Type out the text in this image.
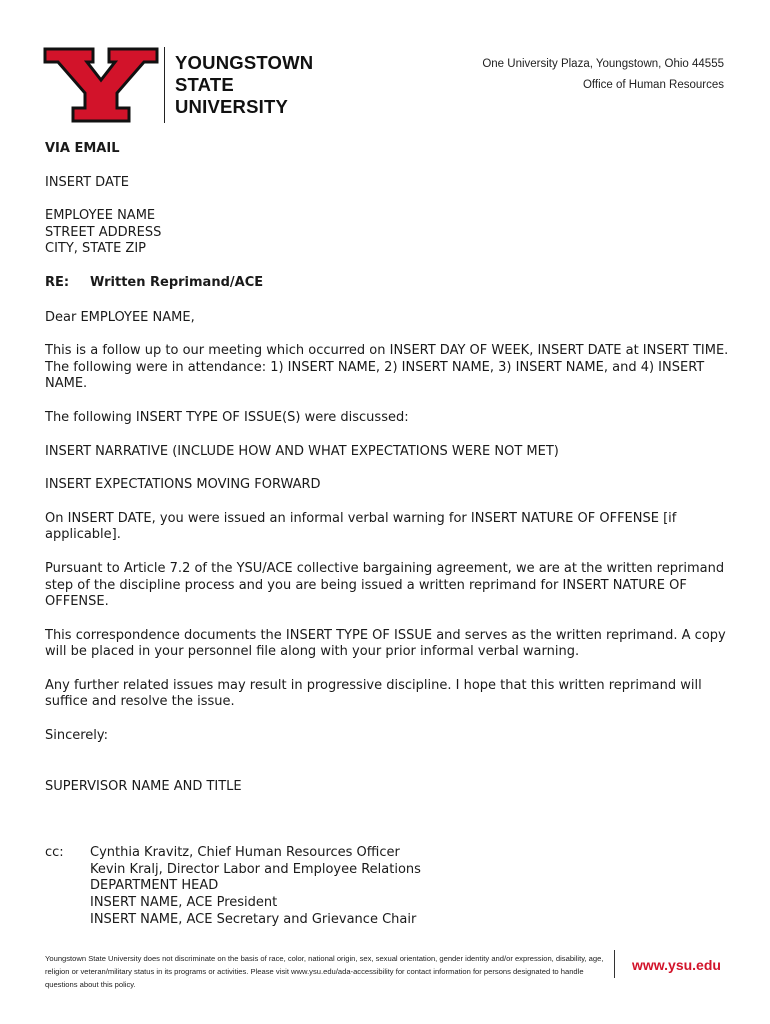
YOUNGSTOWN
STATE
UNIVERSITY
One University Plaza, Youngstown, Ohio 44555
Office of Human Resources

VIA EMAIL

INSERT DATE

EMPLOYEE NAME

STREET ADDRESS

CITY, STATE ZIP

RE:	Written Reprimand/ACE

Dear EMPLOYEE NAME,

This is a follow up to our meeting which occurred on INSERT DAY OF WEEK, INSERT DATE at INSERT TIME. The following were in attendance: 1) INSERT NAME, 2) INSERT NAME, 3) INSERT NAME, and 4) INSERT NAME.

The following INSERT TYPE OF ISSUE(S) were discussed:

INSERT NARRATIVE (INCLUDE HOW AND WHAT EXPECTATIONS WERE NOT MET)

INSERT EXPECTATIONS MOVING FORWARD

On INSERT DATE, you were issued an informal verbal warning for INSERT NATURE OF OFFENSE [if applicable].

Pursuant to Article 7.2 of the YSU/ACE collective bargaining agreement, we are at the written reprimand step of the discipline process and you are being issued a written reprimand for INSERT NATURE OF OFFENSE.

This correspondence documents the INSERT TYPE OF ISSUE and serves as the written reprimand. A copy will be placed in your personnel file along with your prior informal verbal warning.

Any further related issues may result in progressive discipline. I hope that this written reprimand will suffice and resolve the issue.

Sincerely:

SUPERVISOR NAME AND TITLE

cc:	Cynthia Kravitz, Chief Human Resources Officer

Kevin Kralj, Director Labor and Employee Relations

DEPARTMENT HEAD

INSERT NAME, ACE President

INSERT NAME, ACE Secretary and Grievance Chair

Youngstown State University does not discriminate on the basis of race, color, national origin, sex, sexual orientation, gender identity and/or expression, disability, age, religion or veteran/military status in its programs or activities. Please visit www.ysu.edu/ada-accessibility for contact information for persons designated to handle questions about this policy.
www.ysu.edu
